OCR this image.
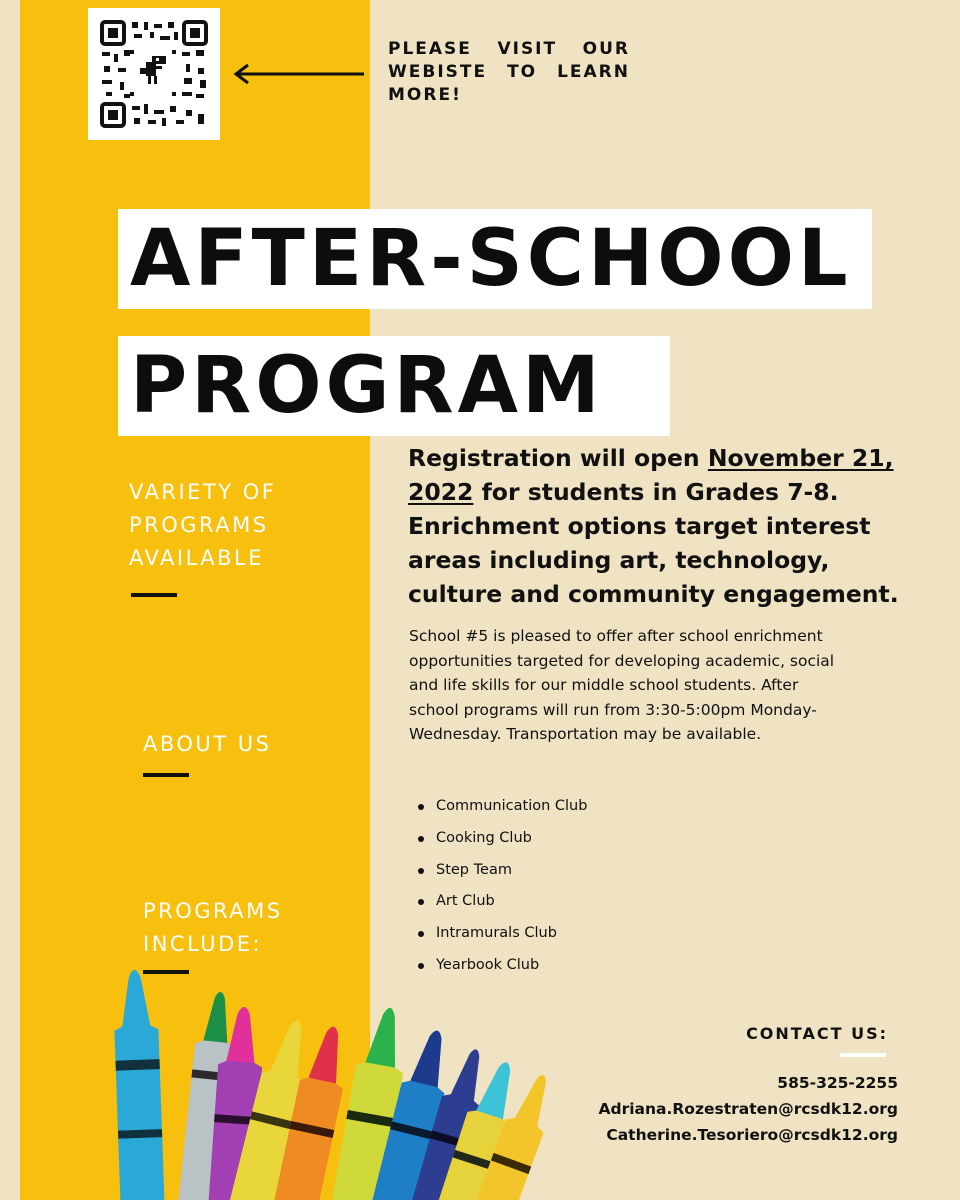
PLEASE VISIT OUR WEBISTE TO LEARN MORE!
AFTER-SCHOOL
PROGRAM
VARIETY OF
PROGRAMS
AVAILABLE
ABOUT US
PROGRAMS
INCLUDE:
Registration will open November 21, 2022 for students in Grades 7-8. Enrichment options target interest areas including art, technology, culture and community engagement.
School #5 is pleased to offer after school enrichment opportunities targeted for developing academic, social and life skills for our middle school students. After school programs will run from 3:30-5:00pm Monday-Wednesday. Transportation may be available.
Communication Club
Cooking Club
Step Team
Art Club
Intramurals Club
Yearbook Club
CONTACT US:
585-325-2255
Adriana.Rozestraten@rcsdk12.org
Catherine.Tesoriero@rcsdk12.org
